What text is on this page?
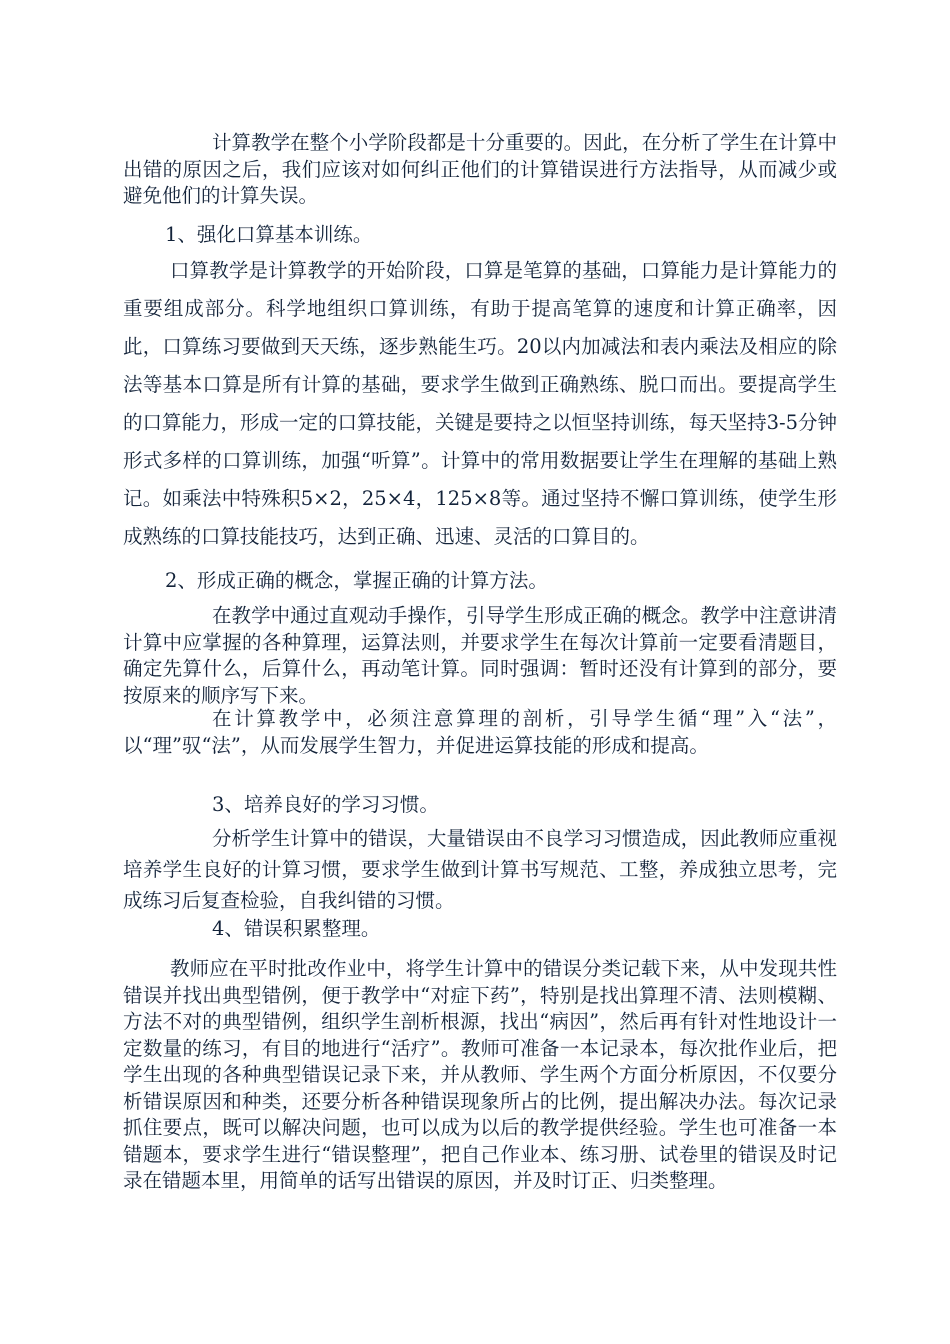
计算教学在整个小学阶段都是十分重要的。因此，在分析了学生在计算中出错的原因之后，我们应该对如何纠正他们的计算错误进行方法指导，从而减少或避免他们的计算失误。

1、强化口算基本训练。

口算教学是计算教学的开始阶段，口算是笔算的基础，口算能力是计算能力的重要组成部分。科学地组织口算训练，有助于提高笔算的速度和计算正确率，因此，口算练习要做到天天练，逐步熟能生巧。20以内加减法和表内乘法及相应的除法等基本口算是所有计算的基础，要求学生做到正确熟练、脱口而出。要提高学生的口算能力，形成一定的口算技能，关键是要持之以恒坚持训练，每天坚持3-5分钟形式多样的口算训练，加强“听算”。计算中的常用数据要让学生在理解的基础上熟记。如乘法中特殊积5×2，25×4，125×8等。通过坚持不懈口算训练，使学生形成熟练的口算技能技巧，达到正确、迅速、灵活的口算目的。

2、形成正确的概念，掌握正确的计算方法。

在教学中通过直观动手操作，引导学生形成正确的概念。教学中注意讲清计算中应掌握的各种算理，运算法则，并要求学生在每次计算前一定要看清题目，确定先算什么，后算什么，再动笔计算。同时强调：暂时还没有计算到的部分，要按原来的顺序写下来。

在计算教学中，必须注意算理的剖析，引导学生循“理”入“法”，以“理”驭“法”，从而发展学生智力，并促进运算技能的形成和提高。

3、培养良好的学习习惯。

分析学生计算中的错误，大量错误由不良学习习惯造成，因此教师应重视培养学生良好的计算习惯，要求学生做到计算书写规范、工整，养成独立思考，完成练习后复查检验，自我纠错的习惯。

4、错误积累整理。

教师应在平时批改作业中，将学生计算中的错误分类记载下来，从中发现共性错误并找出典型错例，便于教学中“对症下药”，特别是找出算理不清、法则模糊、方法不对的典型错例，组织学生剖析根源，找出“病因”，然后再有针对性地设计一定数量的练习，有目的地进行“活疗”。教师可准备一本记录本，每次批作业后，把学生出现的各种典型错误记录下来，并从教师、学生两个方面分析原因，不仅要分析错误原因和种类，还要分析各种错误现象所占的比例，提出解决办法。每次记录抓住要点，既可以解决问题，也可以成为以后的教学提供经验。学生也可准备一本错题本，要求学生进行“错误整理”，把自己作业本、练习册、试卷里的错误及时记录在错题本里，用简单的话写出错误的原因，并及时订正、归类整理。
